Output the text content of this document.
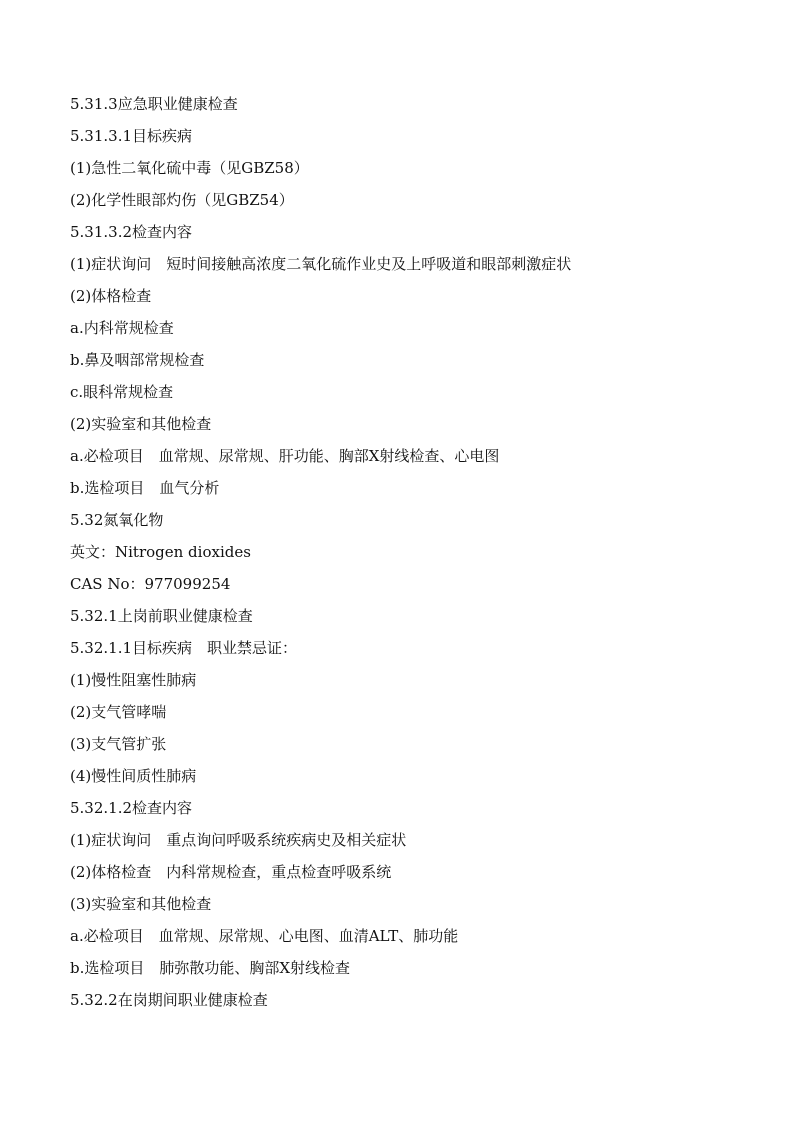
5.31.3应急职业健康检查
5.31.3.1目标疾病
(1)急性二氧化硫中毒（见GBZ58）
(2)化学性眼部灼伤（见GBZ54）
5.31.3.2检查内容
(1)症状询问　短时间接触高浓度二氧化硫作业史及上呼吸道和眼部刺激症状
(2)体格检查
a.内科常规检查
b.鼻及咽部常规检查
c.眼科常规检查
(2)实验室和其他检查
a.必检项目　血常规、尿常规、肝功能、胸部X射线检查、心电图
b.选检项目　血气分析
5.32氮氧化物
英文：Nitrogen dioxides
CAS No：977099254
5.32.1上岗前职业健康检查
5.32.1.1目标疾病　职业禁忌证：
(1)慢性阻塞性肺病
(2)支气管哮喘
(3)支气管扩张
(4)慢性间质性肺病
5.32.1.2检查内容
(1)症状询问　重点询问呼吸系统疾病史及相关症状
(2)体格检查　内科常规检查，重点检查呼吸系统
(3)实验室和其他检查
a.必检项目　血常规、尿常规、心电图、血清ALT、肺功能
b.选检项目　肺弥散功能、胸部X射线检查
5.32.2在岗期间职业健康检查
